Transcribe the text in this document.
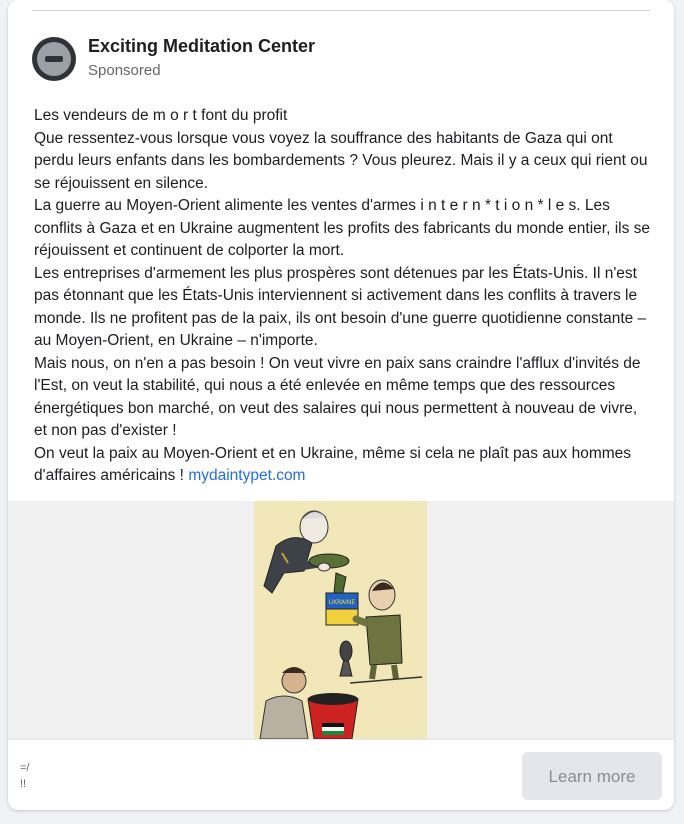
Exciting Meditation Center
Sponsored

Les vendeurs de m o r t font du profit

Que ressentez-vous lorsque vous voyez la souffrance des habitants de Gaza qui ont perdu leurs enfants dans les bombardements ? Vous pleurez. Mais il y a ceux qui rient ou se réjouissent en silence.

La guerre au Moyen-Orient alimente les ventes d'armes i n t e r n * t i o n * l e s. Les conflits à Gaza et en Ukraine augmentent les profits des fabricants du monde entier, ils se réjouissent et continuent de colporter la mort.

Les entreprises d'armement les plus prospères sont détenues par les États-Unis. Il n'est pas étonnant que les États-Unis interviennent si activement dans les conflits à travers le monde. Ils ne profitent pas de la paix, ils ont besoin d'une guerre quotidienne constante –au Moyen-Orient, en Ukraine – n'importe.

Mais nous, on n'en a pas besoin ! On veut vivre en paix sans craindre l'afflux d'invités de l'Est, on veut la stabilité, qui nous a été enlevée en même temps que des ressources énergétiques bon marché, on veut des salaires qui nous permettent à nouveau de vivre, et non pas d'exister !

On veut la paix au Moyen-Orient et en Ukraine, même si cela ne plaît pas aux hommes d'affaires américains ! mydaintypet.com

UKRAINE
=/
!!	Learn more
